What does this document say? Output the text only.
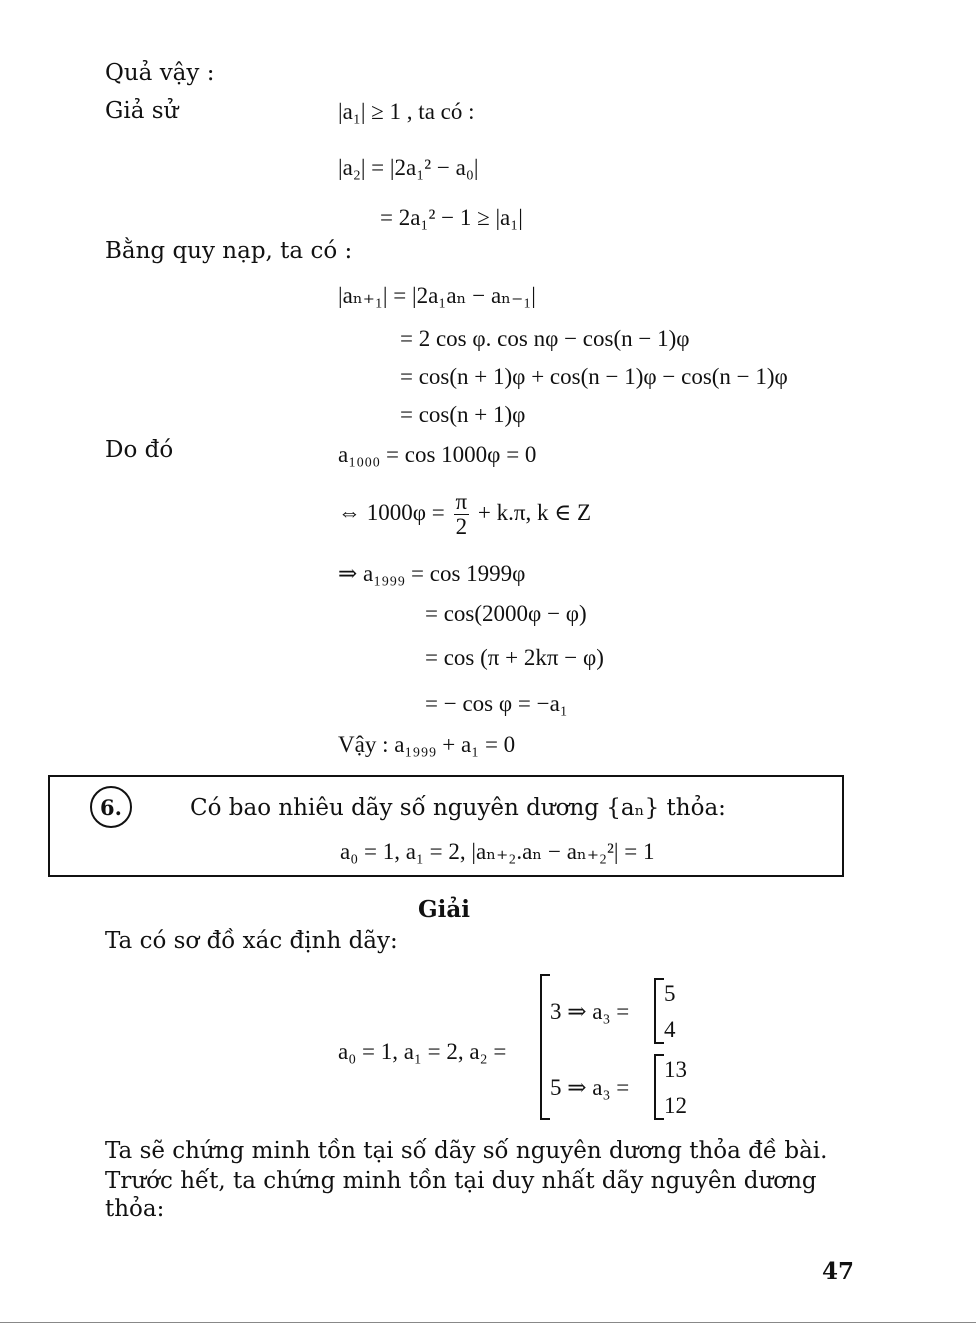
Quả vậy :
Giả sử	|a₁| ≥ 1 , ta có :
|a₂| = |2a₁² − a₀|
= 2a₁² − 1 ≥ |a₁|
Bằng quy nạp, ta có :
|aₙ₊₁| = |2a₁aₙ − aₙ₋₁|
= 2 cos φ. cos nφ − cos(n − 1)φ
= cos(n + 1)φ + cos(n − 1)φ − cos(n − 1)φ
= cos(n + 1)φ
Do đó	a₁₀₀₀ = cos 1000φ = 0
⇔ $1000\varphi = \frac{\pi}{2} + k.\pi$, k ∈ Z
⇒ a₁₉₉₉ = cos 1999φ
= cos(2000φ − φ)
= cos (π + 2kπ − φ)
= − cos φ = −a₁
Vậy : a₁₉₉₉ + a₁ = 0
6.	Có bao nhiêu dãy số nguyên dương {aₙ} thỏa:
a₀ = 1, a₁ = 2, |aₙ₊₂.aₙ − aₙ₊₂²| = 1
Giải
Ta có sơ đồ xác định dãy:
a₀ = 1, a₁ = 2, a₂ =
3 ⇒ a₃ =
5
4
5 ⇒ a₃ =
13
12
Ta sẽ chứng minh tồn tại số dãy số nguyên dương thỏa đề bài.
Trước hết, ta chứng minh tồn tại duy nhất dãy nguyên dương
thỏa:
47
